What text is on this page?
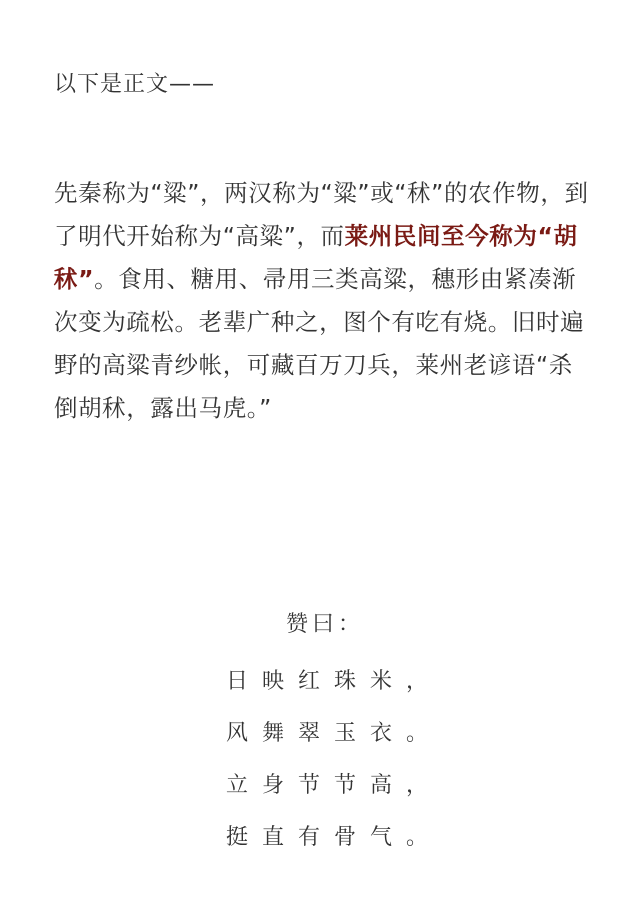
以下是正文——

先秦称为“粱”，两汉称为“粱”或“秫”的农作物，到了明代开始称为“高粱”，而莱州民间至今称为“胡秫”。食用、糖用、帚用三类高粱，穗形由紧凑渐次变为疏松。老辈广种之，图个有吃有烧。旧时遍野的高粱青纱帐，可藏百万刀兵，莱州老谚语“杀倒胡秫，露出马虎。”

赞曰：

日映红珠米，

风舞翠玉衣。

立身节节高，

挺直有骨气。
